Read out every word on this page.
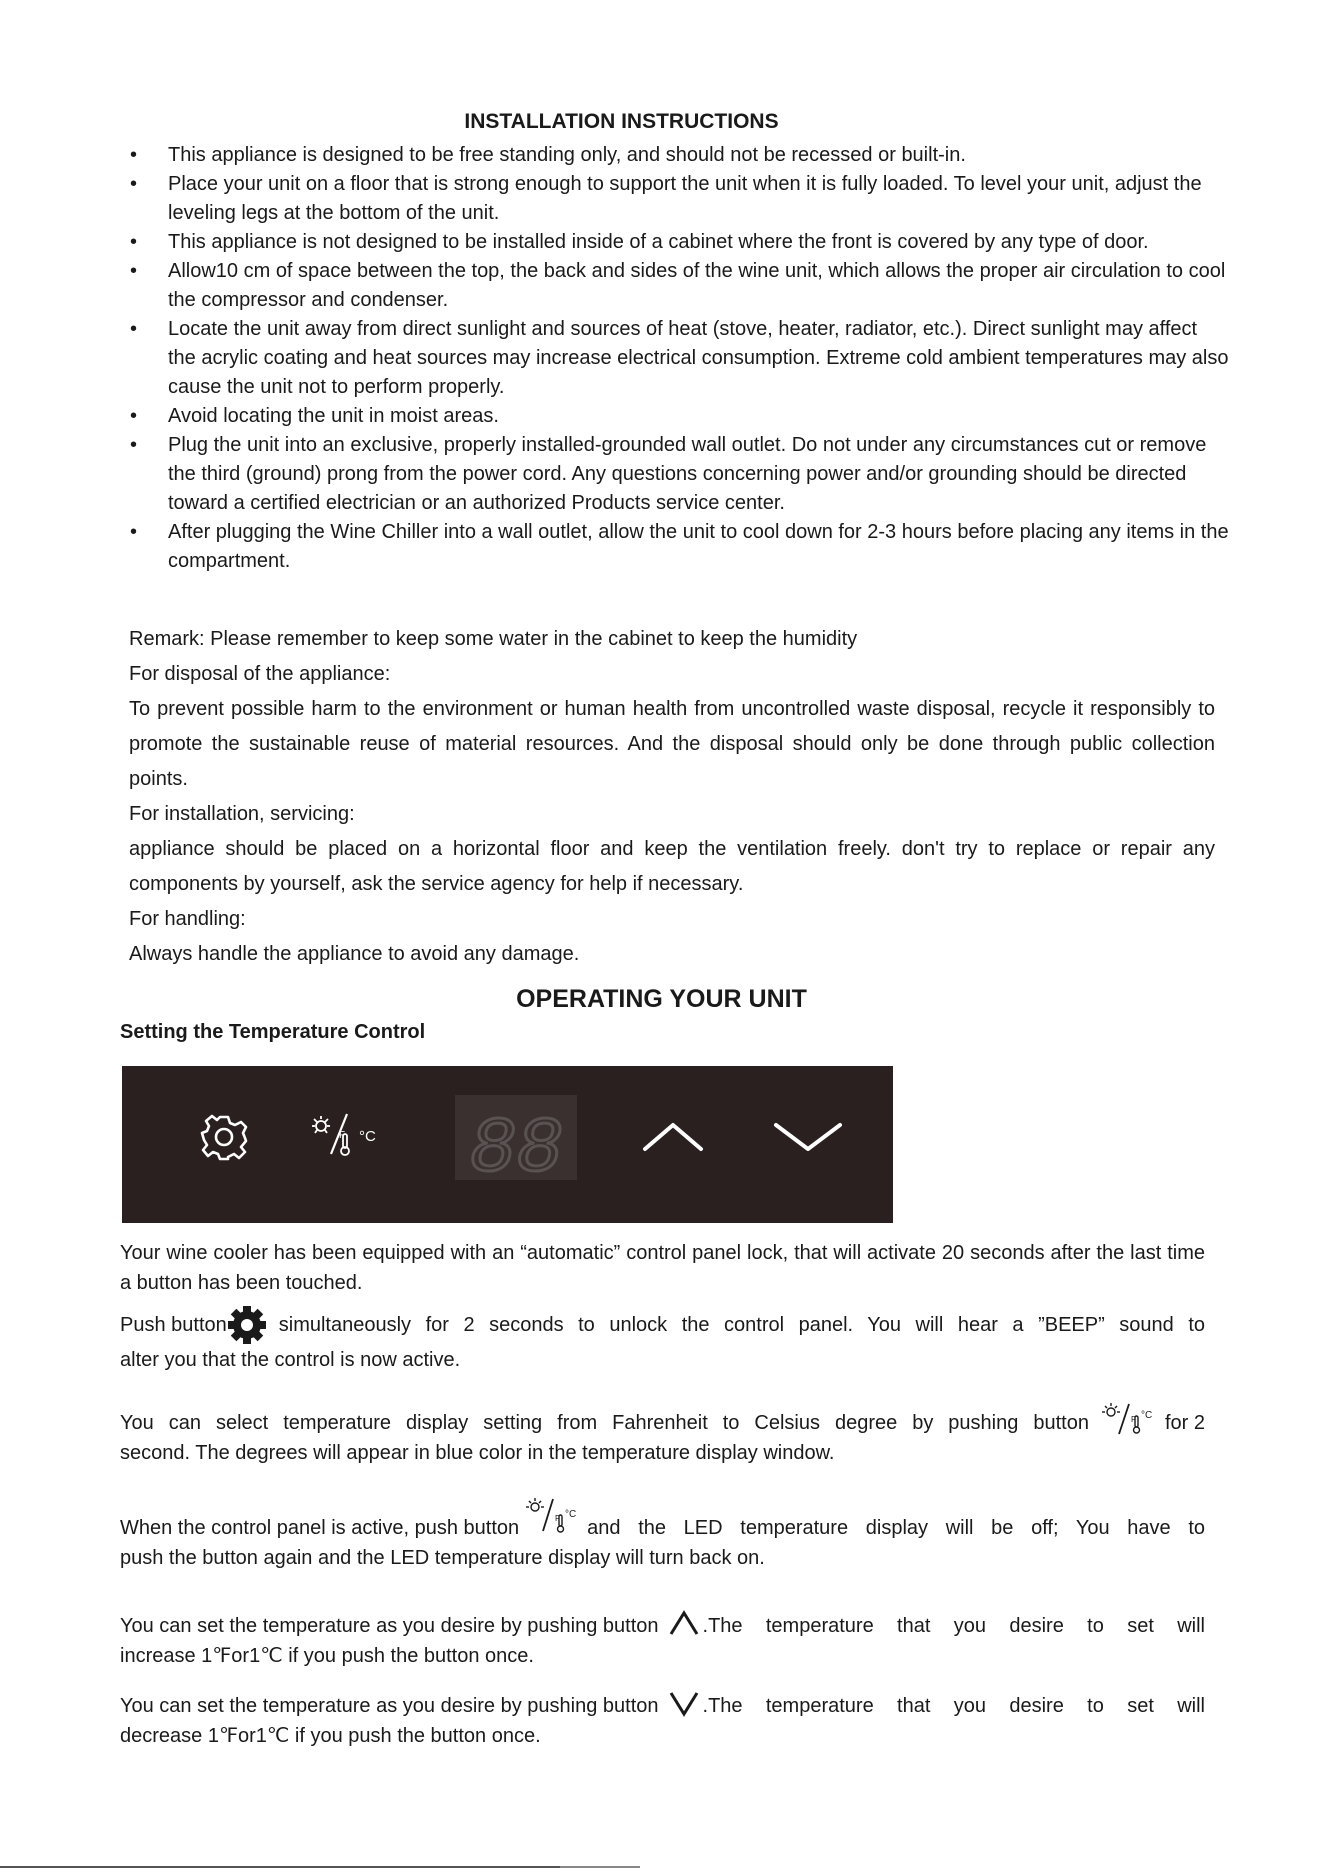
INSTALLATION INSTRUCTIONS
• This appliance is designed to be free standing only, and should not be recessed or built-in.
• Place your unit on a floor that is strong enough to support the unit when it is fully loaded. To level your unit, adjust the leveling legs at the bottom of the unit.
• This appliance is not designed to be installed inside of a cabinet where the front is covered by any type of door.
• Allow10 cm of space between the top, the back and sides of the wine unit, which allows the proper air circulation to cool the compressor and condenser.
• Locate the unit away from direct sunlight and sources of heat (stove, heater, radiator, etc.). Direct sunlight may affect the acrylic coating and heat sources may increase electrical consumption. Extreme cold ambient temperatures may also cause the unit not to perform properly.
• Avoid locating the unit in moist areas.
• Plug the unit into an exclusive, properly installed-grounded wall outlet. Do not under any circumstances cut or remove the third (ground) prong from the power cord. Any questions concerning power and/or grounding should be directed toward a certified electrician or an authorized Products service center.
• After plugging the Wine Chiller into a wall outlet, allow the unit to cool down for 2-3 hours before placing any items in the compartment.

Remark: Please remember to keep some water in the cabinet to keep the humidity

For disposal of the appliance:

To prevent possible harm to the environment or human health from uncontrolled waste disposal, recycle it responsibly to promote the sustainable reuse of material resources. And the disposal should only be done through public collection points.

For installation, servicing:

appliance should be placed on a horizontal floor and keep the ventilation freely. don't try to replace or repair any components by yourself, ask the service agency for help if necessary.

For handling:

Always handle the appliance to avoid any damage.

OPERATING YOUR UNIT
Setting the Temperature Control
F °C 88

Your wine cooler has been equipped with an “automatic” control panel lock, that will activate 20 seconds after the last time a button has been touched.

Push button	simultaneously for 2 seconds to unlock the control panel. You will hear a ”BEEP” sound to
alter you that the control is now active.
You can select temperature display setting from Fahrenheit to Celsius degree by pushing button	F °C for 2
second. The degrees will appear in blue color in the temperature display window.
When the control panel is active, push button	F °C
and the LED temperature display will be off; You have to
push the button again and the LED temperature display will turn back on.
You can set the temperature as you desire by pushing button .The temperature that you desire to set will
increase 1℉or1℃ if you push the button once.
You can set the temperature as you desire by pushing button .The temperature that you desire to set will
decrease 1℉or1℃ if you push the button once.
